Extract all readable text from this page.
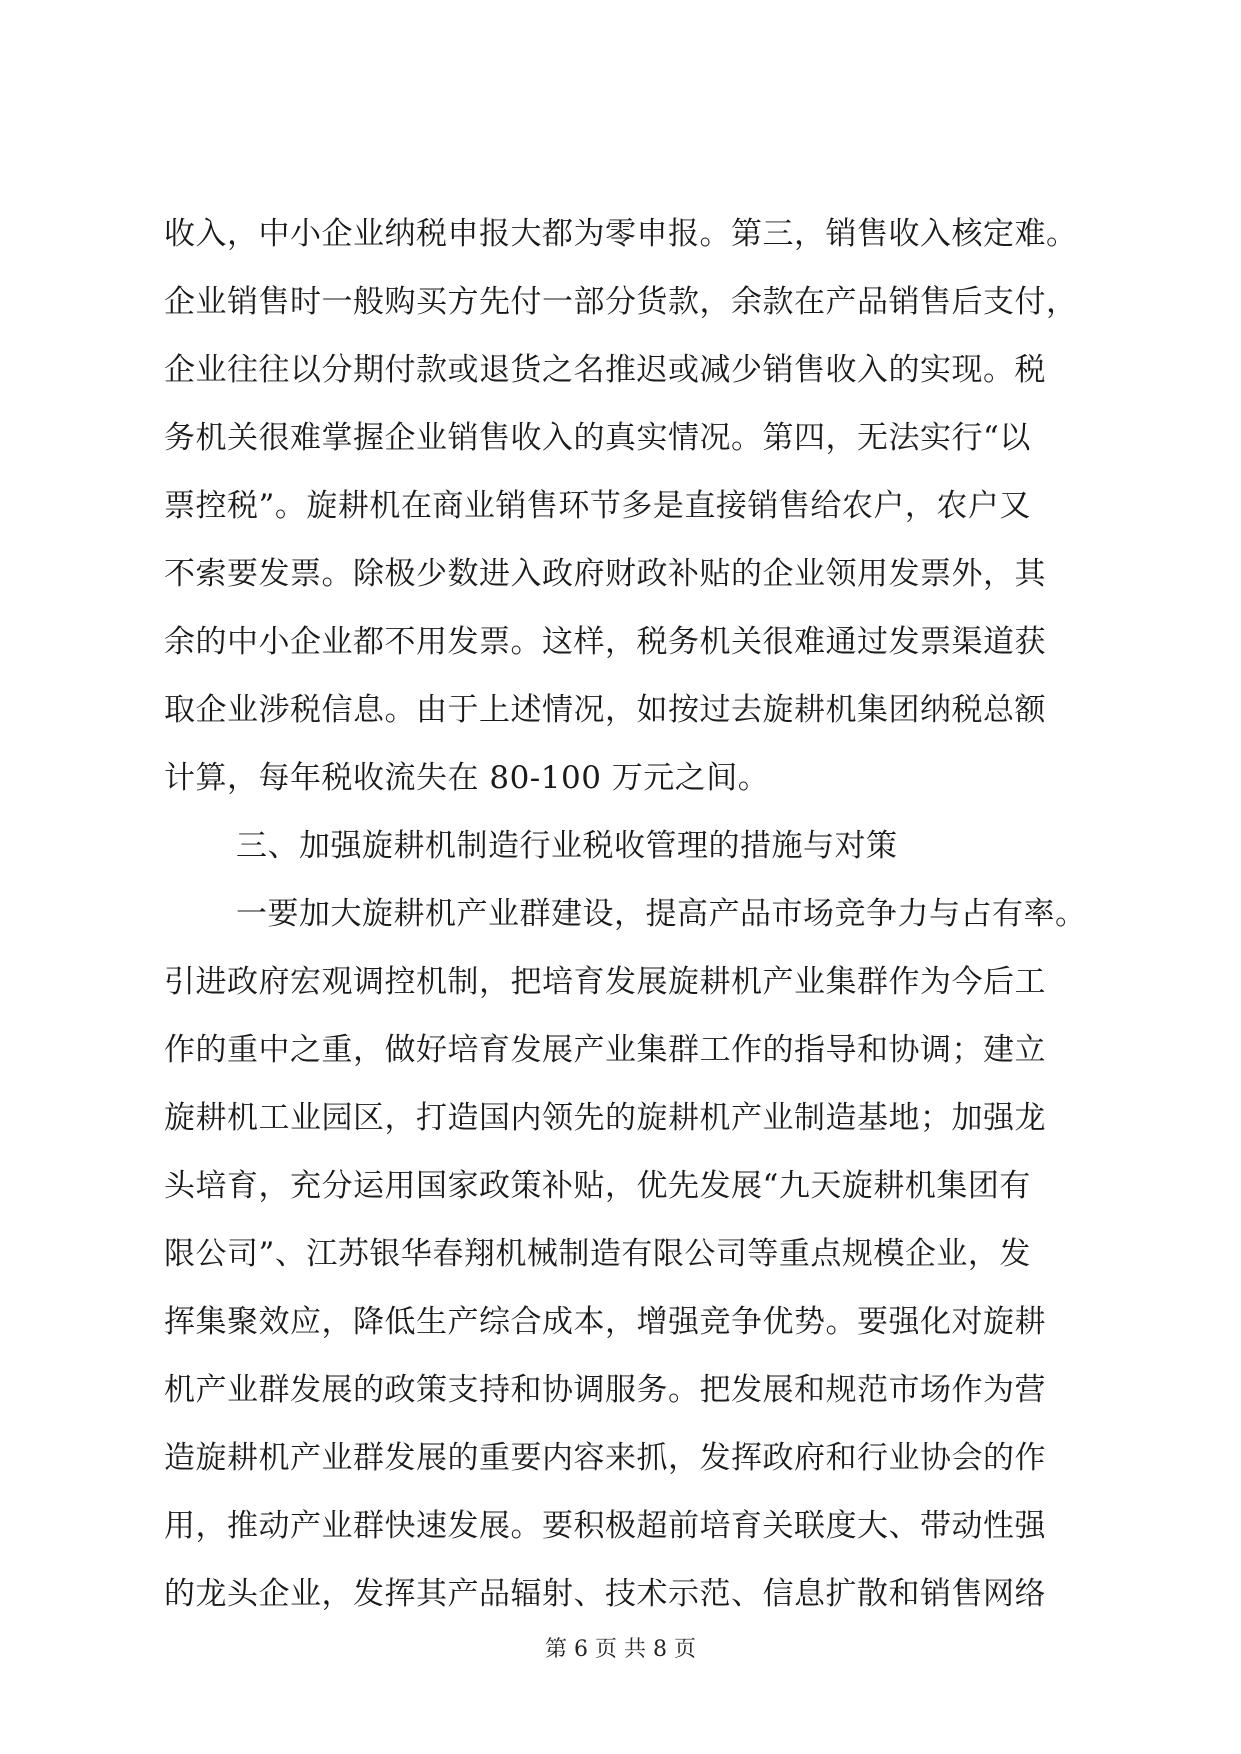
收入，中小企业纳税申报大都为零申报。第三，销售收入核定难。
企业销售时一般购买方先付一部分货款，余款在产品销售后支付，
企业往往以分期付款或退货之名推迟或减少销售收入的实现。税
务机关很难掌握企业销售收入的真实情况。第四，无法实行“以
票控税”。旋耕机在商业销售环节多是直接销售给农户，农户又
不索要发票。除极少数进入政府财政补贴的企业领用发票外，其
余的中小企业都不用发票。这样，税务机关很难通过发票渠道获
取企业涉税信息。由于上述情况，如按过去旋耕机集团纳税总额
计算，每年税收流失在 80-100 万元之间。
三、加强旋耕机制造行业税收管理的措施与对策
一要加大旋耕机产业群建设，提高产品市场竞争力与占有率。
引进政府宏观调控机制，把培育发展旋耕机产业集群作为今后工
作的重中之重，做好培育发展产业集群工作的指导和协调；建立
旋耕机工业园区，打造国内领先的旋耕机产业制造基地；加强龙
头培育，充分运用国家政策补贴，优先发展“九天旋耕机集团有
限公司”、江苏银华春翔机械制造有限公司等重点规模企业，发
挥集聚效应，降低生产综合成本，增强竞争优势。要强化对旋耕
机产业群发展的政策支持和协调服务。把发展和规范市场作为营
造旋耕机产业群发展的重要内容来抓，发挥政府和行业协会的作
用，推动产业群快速发展。要积极超前培育关联度大、带动性强
的龙头企业，发挥其产品辐射、技术示范、信息扩散和销售网络
第 6 页 共 8 页
